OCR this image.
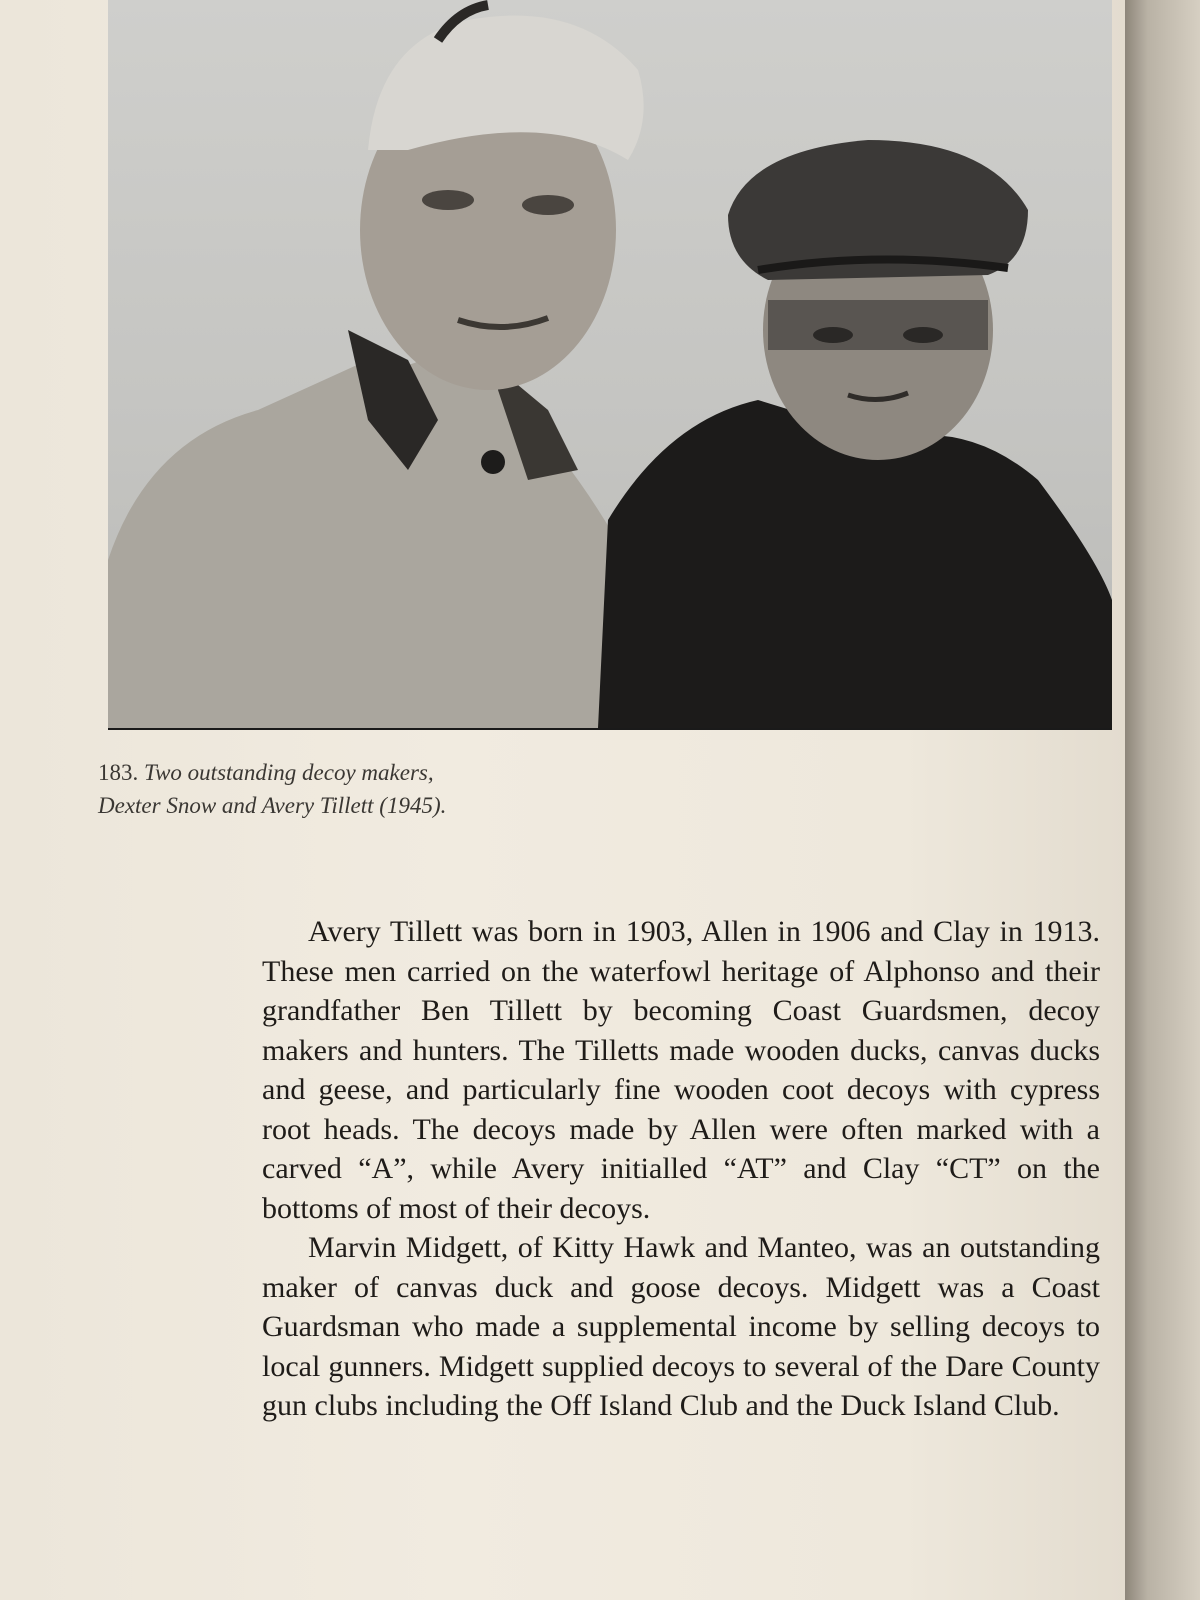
183. Two outstanding decoy makers, Dexter Snow and Avery Tillett (1945).

Avery Tillett was born in 1903, Allen in 1906 and Clay in 1913. These men carried on the waterfowl heritage of Alphonso and their grandfather Ben Tillett by becoming Coast Guardsmen, decoy makers and hunters. The Tilletts made wooden ducks, canvas ducks and geese, and particularly fine wooden coot decoys with cypress root heads. The decoys made by Allen were often marked with a carved “A”, while Avery initialled “AT” and Clay “CT” on the bottoms of most of their decoys.

Marvin Midgett, of Kitty Hawk and Manteo, was an outstanding maker of canvas duck and goose decoys. Midgett was a Coast Guardsman who made a supplemental income by selling decoys to local gunners. Midgett supplied decoys to several of the Dare County gun clubs including the Off Island Club and the Duck Island Club.
